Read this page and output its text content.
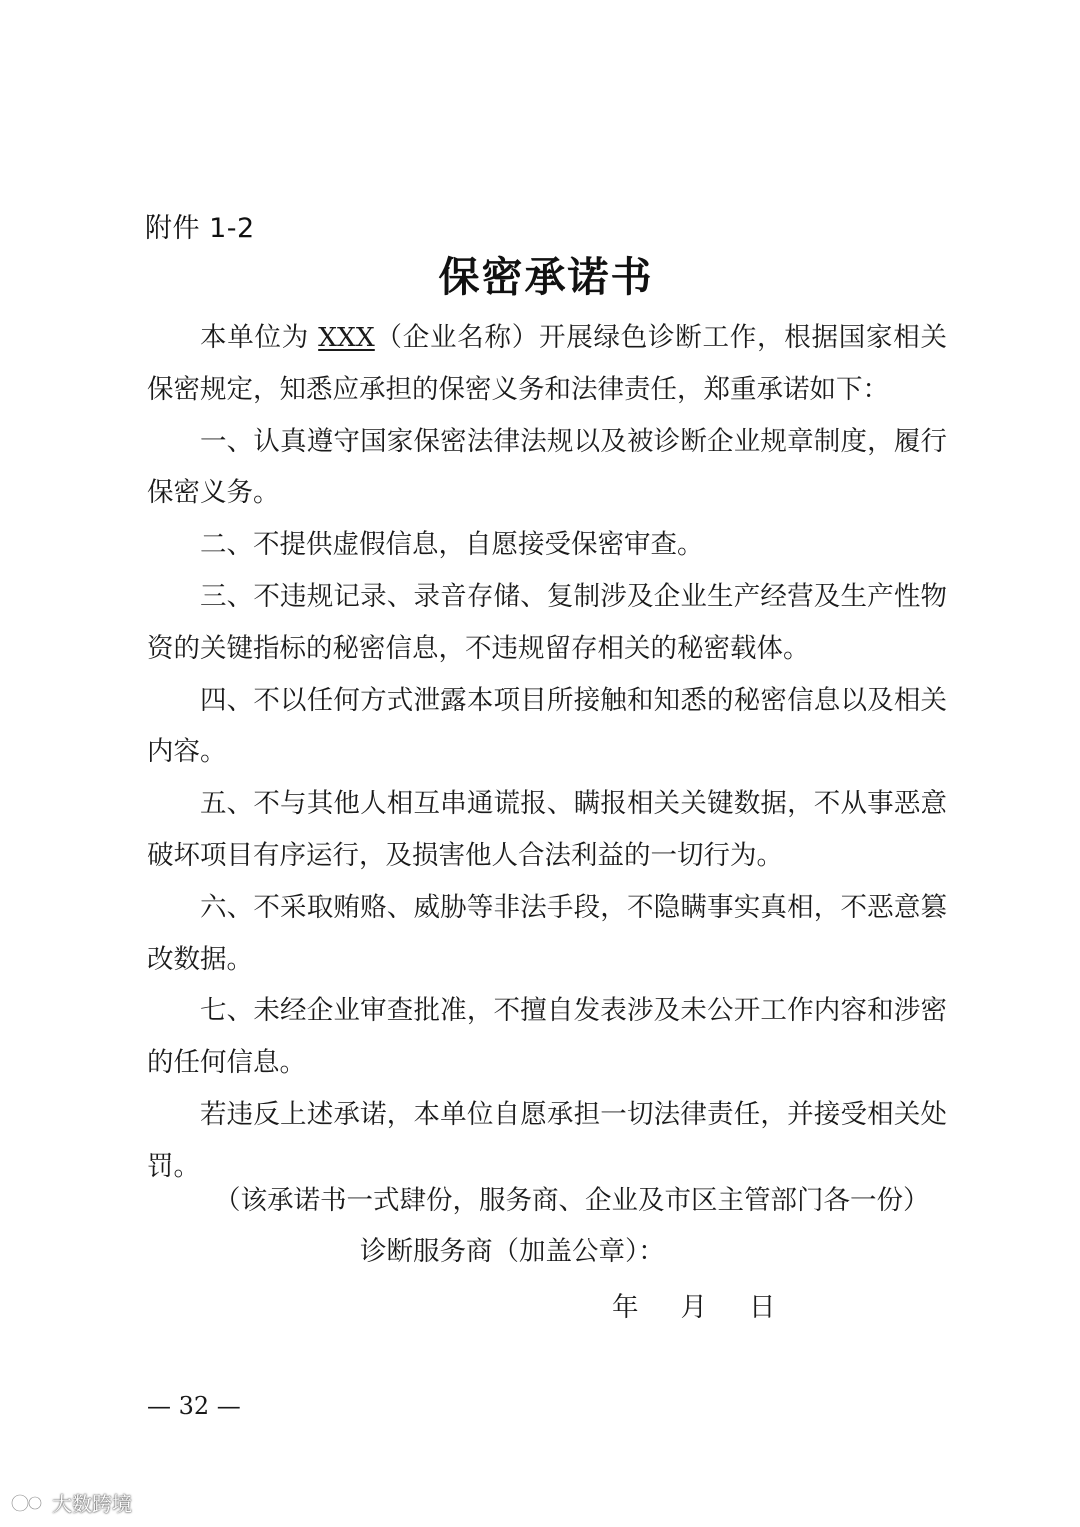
附件 1-2
保密承诺书

本单位为 XXX（企业名称）开展绿色诊断工作，根据国家相关保密规定，知悉应承担的保密义务和法律责任，郑重承诺如下：

一、认真遵守国家保密法律法规以及被诊断企业规章制度，履行保密义务。

二、不提供虚假信息，自愿接受保密审查。

三、不违规记录、录音存储、复制涉及企业生产经营及生产性物资的关键指标的秘密信息，不违规留存相关的秘密载体。

四、不以任何方式泄露本项目所接触和知悉的秘密信息以及相关内容。

五、不与其他人相互串通谎报、瞒报相关关键数据，不从事恶意破坏项目有序运行，及损害他人合法利益的一切行为。

六、不采取贿赂、威胁等非法手段，不隐瞒事实真相，不恶意篡改数据。

七、未经企业审查批准，不擅自发表涉及未公开工作内容和涉密的任何信息。

若违反上述承诺，本单位自愿承担一切法律责任，并接受相关处罚。

（该承诺书一式肆份，服务商、企业及市区主管部门各一份）
诊断服务商（加盖公章）：
年 月 日
— 32 —
大数跨境
